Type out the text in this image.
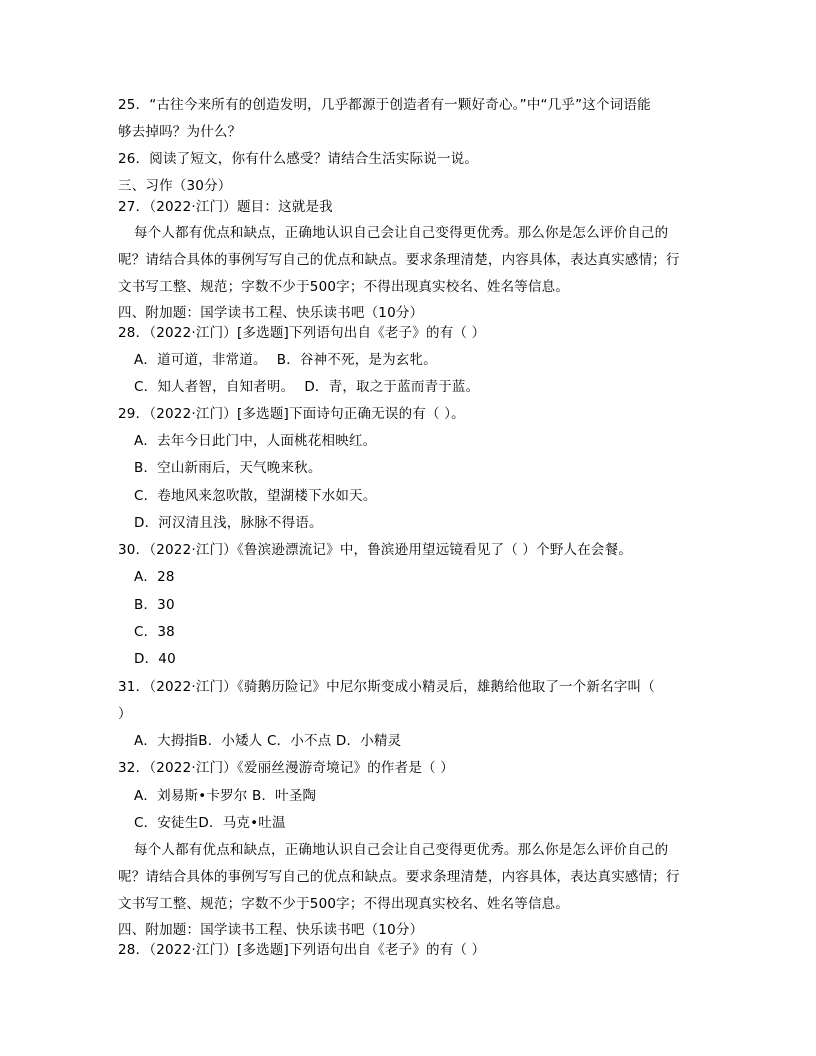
25．“古往今来所有的创造发明，几乎都源于创造者有一颗好奇心。”中“几乎”这个词语能
够去掉吗？为什么？
26．阅读了短文，你有什么感受？请结合生活实际说一说。
三、习作（30分）
27．（2022·江门）题目：这就是我
每个人都有优点和缺点，正确地认识自己会让自己变得更优秀。那么你是怎么评价自己的
呢？请结合具体的事例写写自己的优点和缺点。要求条理清楚，内容具体，表达真实感情；行
文书写工整、规范；字数不少于500字；不得出现真实校名、姓名等信息。
四、附加题：国学读书工程、快乐读书吧（10分）
28．（2022·江门）[多选题]下列语句出自《老子》的有（ ）
A．道可道，非常道。 B．谷神不死，是为玄牝。
C．知人者智，自知者明。 D．青，取之于蓝而青于蓝。
29．（2022·江门）[多选题]下面诗句正确无误的有（ ）。
A．去年今日此门中，人面桃花相映红。
B．空山新雨后，天气晚来秋。
C．卷地风来忽吹散，望湖楼下水如天。
D．河汉清且浅，脉脉不得语。
30．（2022·江门）《鲁滨逊漂流记》中，鲁滨逊用望远镜看见了（ ）个野人在会餐。
A．28
B．30
C．38
D．40
31．（2022·江门）《骑鹅历险记》中尼尔斯变成小精灵后，雄鹅给他取了一个新名字叫（
）
A．大拇指B．小矮人 C．小不点 D．小精灵
32．（2022·江门）《爱丽丝漫游奇境记》的作者是（ ）
A．刘易斯•卡罗尔 B．叶圣陶
C．安徒生D．马克•吐温
每个人都有优点和缺点，正确地认识自己会让自己变得更优秀。那么你是怎么评价自己的
呢？请结合具体的事例写写自己的优点和缺点。要求条理清楚，内容具体，表达真实感情；行
文书写工整、规范；字数不少于500字；不得出现真实校名、姓名等信息。
四、附加题：国学读书工程、快乐读书吧（10分）
28．（2022·江门）[多选题]下列语句出自《老子》的有（ ）
